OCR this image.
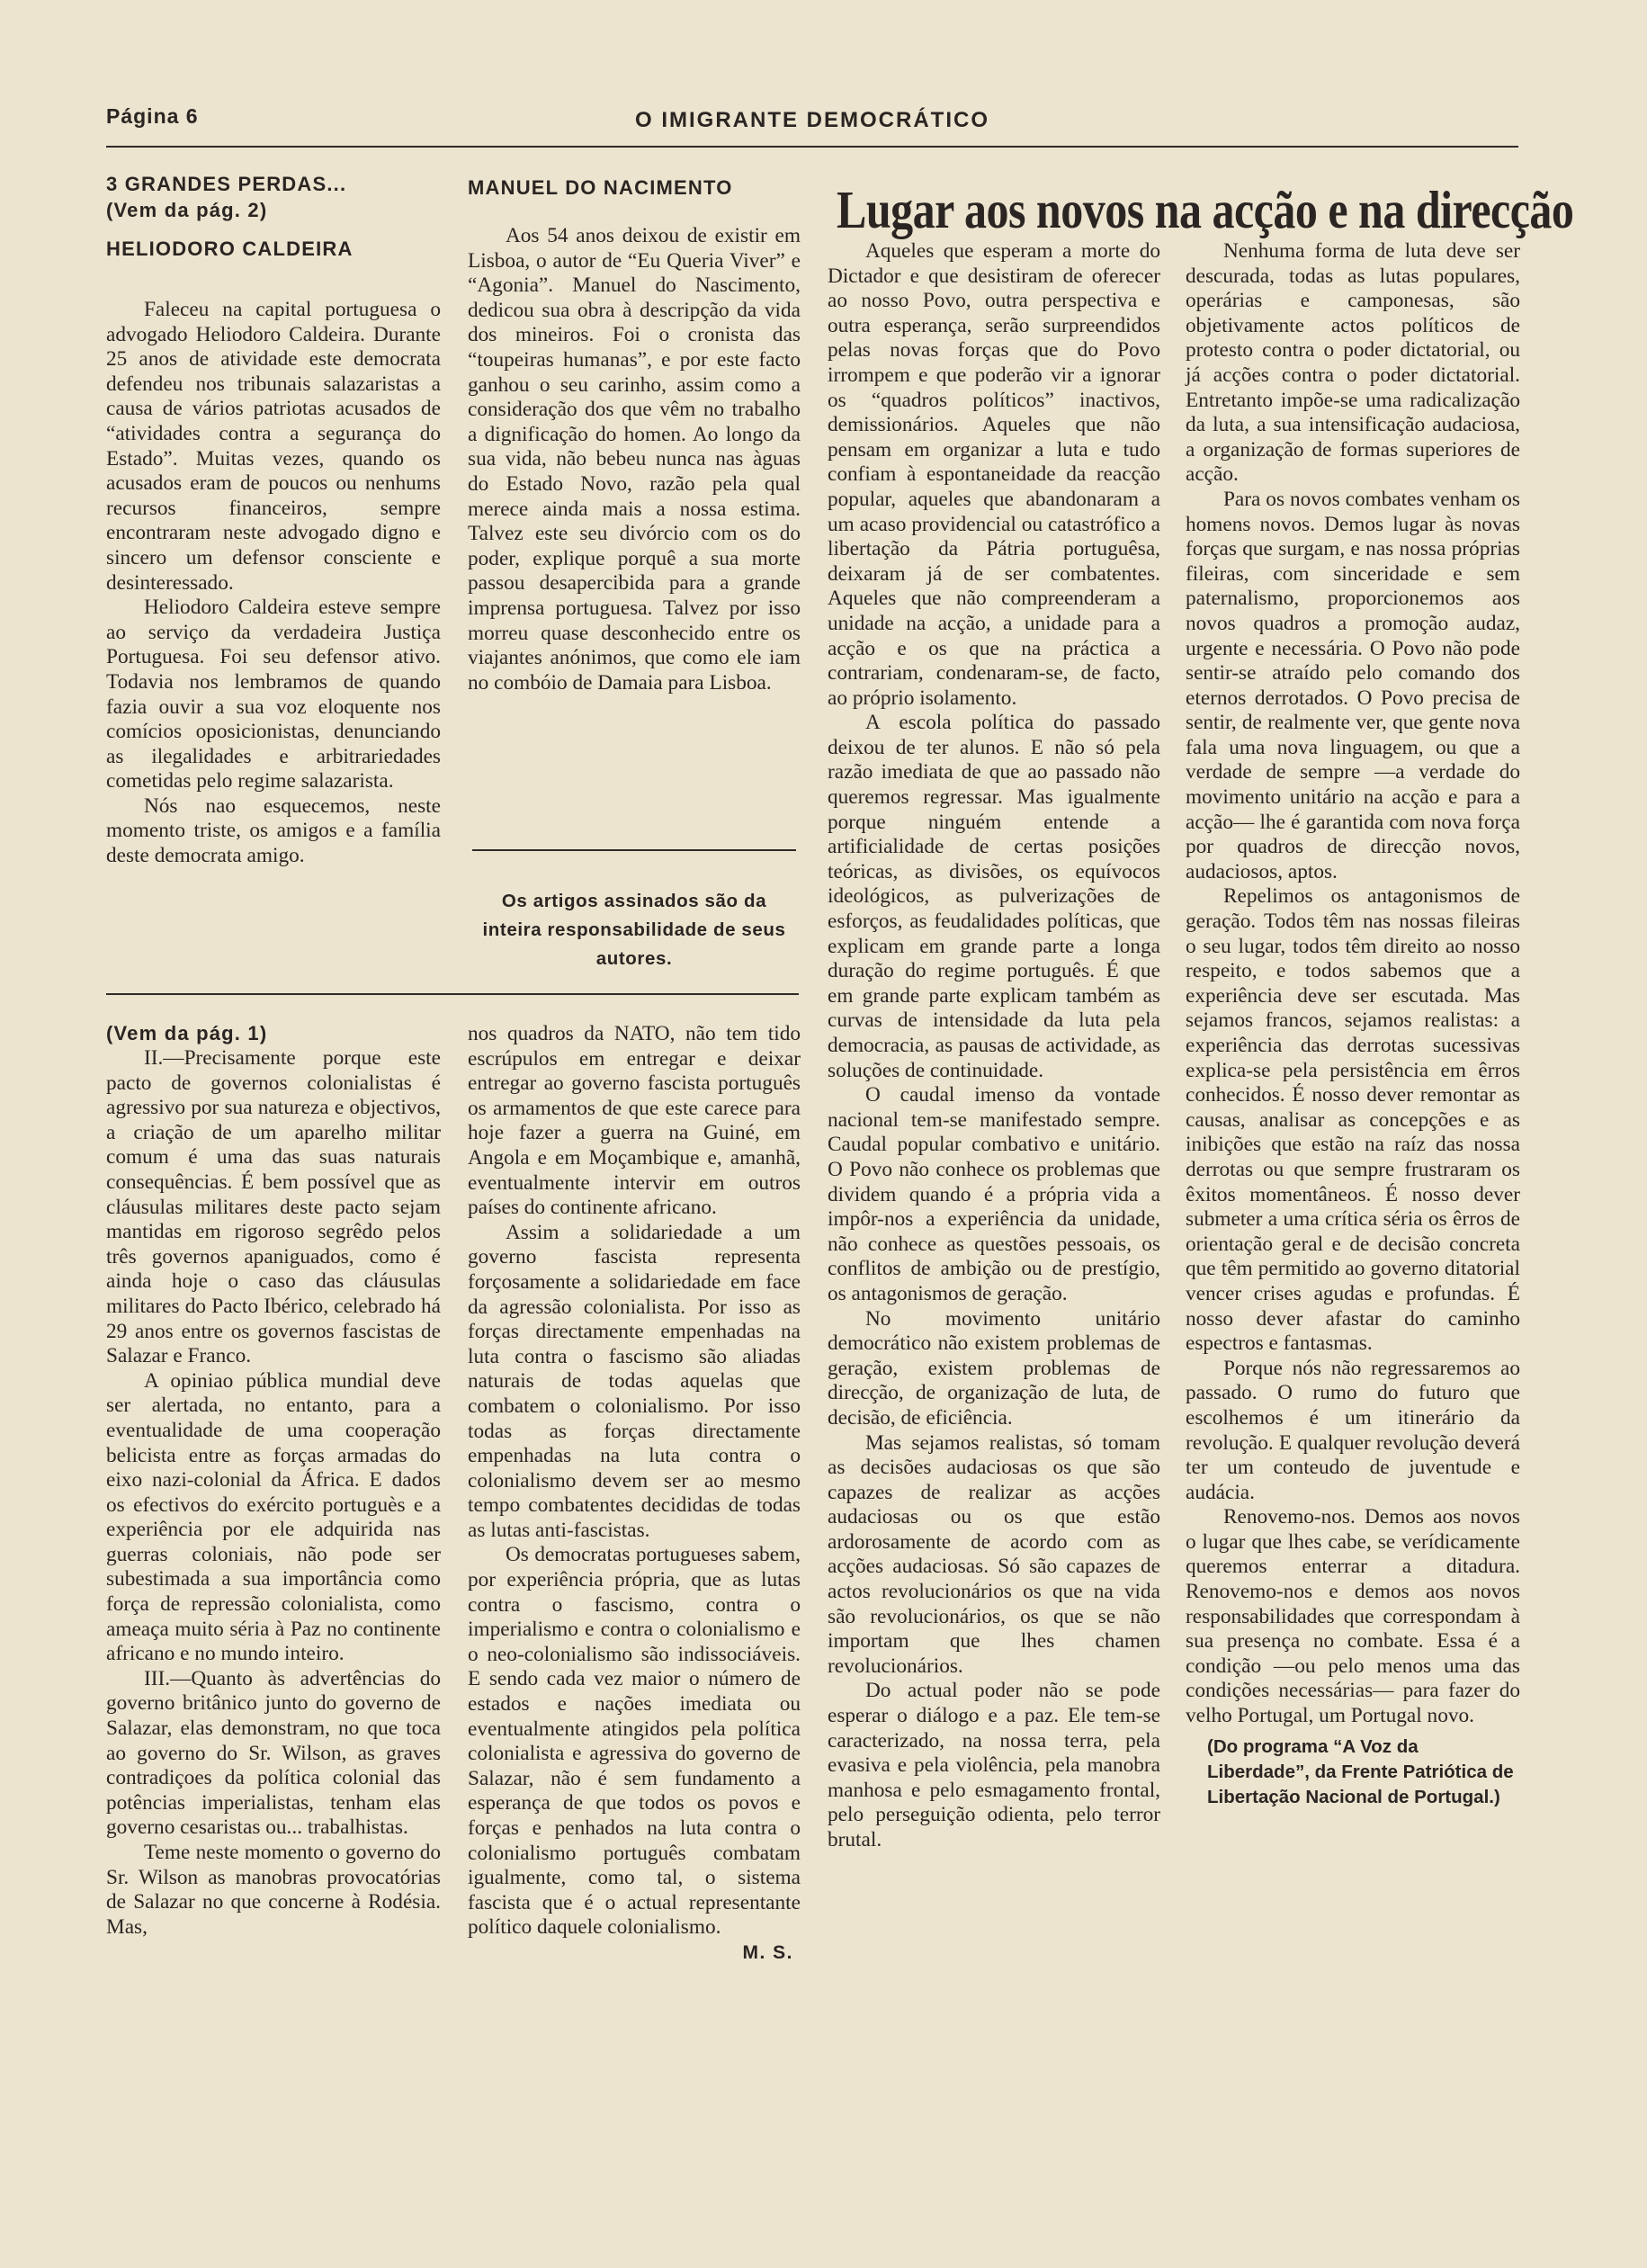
Página 6	O IMIGRANTE DEMOCRÁTICO
3 GRANDES PERDAS...
(Vem da pág. 2)
HELIODORO CALDEIRA

Faleceu na capital portuguesa o advogado Heliodoro Caldeira. Durante 25 anos de atividade este democrata defendeu nos tribunais salazaristas a causa de vários patriotas acusados de “atividades contra a segurança do Estado”. Muitas vezes, quando os acusados eram de poucos ou nenhums recursos financeiros, sempre encontraram neste advogado digno e sincero um defensor consciente e desinteressado.

Heliodoro Caldeira esteve sempre ao serviço da verdadeira Justiça Portuguesa. Foi seu defensor ativo. Todavia nos lembramos de quando fazia ouvir a sua voz eloquente nos comícios oposicionistas, denunciando as ilegalidades e arbitrariedades cometidas pelo regime salazarista.

Nós nao esquecemos, neste momento triste, os amigos e a família deste democrata amigo.

MANUEL DO NACIMENTO

Aos 54 anos deixou de existir em Lisboa, o autor de “Eu Queria Viver” e “Agonia”. Manuel do Nascimento, dedicou sua obra à descripção da vida dos mineiros. Foi o cronista das “toupeiras humanas”, e por este facto ganhou o seu carinho, assim como a consideração dos que vêm no trabalho a dignificação do homen. Ao longo da sua vida, não bebeu nunca nas àguas do Estado Novo, razão pela qual merece ainda mais a nossa estima. Talvez este seu divórcio com os do poder, explique porquê a sua morte passou desapercibida para a grande imprensa portuguesa. Talvez por isso morreu quase desconhecido entre os viajantes anónimos, que como ele iam no combóio de Damaia para Lisboa.

Os artigos assinados são da inteira responsabilidade de seus autores.
(Vem da pág. 1)

II.—Precisamente porque este pacto de governos colonialistas é agressivo por sua natureza e objectivos, a criação de um aparelho militar comum é uma das suas naturais consequências. É bem possível que as cláusulas militares deste pacto sejam mantidas em rigoroso segrêdo pelos três governos apaniguados, como é ainda hoje o caso das cláusulas militares do Pacto Ibérico, celebrado há 29 anos entre os governos fascistas de Salazar e Franco.

A opiniao pública mundial deve ser alertada, no entanto, para a eventualidade de uma cooperação belicista entre as forças armadas do eixo nazi-colonial da África. E dados os efectivos do exército portuguès e a experiência por ele adquirida nas guerras coloniais, não pode ser subestimada a sua importância como força de repressão colonialista, como ameaça muito séria à Paz no continente africano e no mundo inteiro.

III.—Quanto às advertências do governo britânico junto do governo de Salazar, elas demonstram, no que toca ao governo do Sr. Wilson, as graves contradiçoes da política colonial das potências imperialistas, tenham elas governo cesaristas ou... trabalhistas.

Teme neste momento o governo do Sr. Wilson as manobras provocatórias de Salazar no que concerne à Rodésia. Mas,

nos quadros da NATO, não tem tido escrúpulos em entregar e deixar entregar ao governo fascista português os armamentos de que este carece para hoje fazer a guerra na Guiné, em Angola e em Moçambique e, amanhã, eventualmente intervir em outros países do continente africano.

Assim a solidariedade a um governo fascista representa forçosamente a solidariedade em face da agressão colonialista. Por isso as forças directamente empenhadas na luta contra o fascismo são aliadas naturais de todas aquelas que combatem o colonialismo. Por isso todas as forças directamente empenhadas na luta contra o colonialismo devem ser ao mesmo tempo combatentes decididas de todas as lutas anti-fascistas.

Os democratas portugueses sabem, por experiência própria, que as lutas contra o fascismo, contra o imperialismo e contra o colonialismo e o neo-colonialismo são indissociáveis. E sendo cada vez maior o número de estados e nações imediata ou eventualmente atingidos pela política colonialista e agressiva do governo de Salazar, não é sem fundamento a esperança de que todos os povos e forças e penhados na luta contra o colonialismo português combatam igualmente, como tal, o sistema fascista que é o actual representante político daquele colonialismo.

M. S.
Lugar aos novos na acção e na direcção

Aqueles que esperam a morte do Dictador e que desistiram de oferecer ao nosso Povo, outra perspectiva e outra esperança, serão surpreendidos pelas novas forças que do Povo irrompem e que poderão vir a ignorar os “quadros políticos” inactivos, demissionários. Aqueles que não pensam em organizar a luta e tudo confiam à espontaneidade da reacção popular, aqueles que abandonaram a um acaso providencial ou catastrófico a libertação da Pátria portuguêsa, deixaram já de ser combatentes. Aqueles que não compreenderam a unidade na acção, a unidade para a acção e os que na práctica a contrariam, condenaram-se, de facto, ao próprio isolamento.

A escola política do passado deixou de ter alunos. E não só pela razão imediata de que ao passado não queremos regressar. Mas igualmente porque ninguém entende a artificialidade de certas posições teóricas, as divisões, os equívocos ideológicos, as pulverizações de esforços, as feudalidades políticas, que explicam em grande parte a longa duração do regime português. É que em grande parte explicam também as curvas de intensidade da luta pela democracia, as pausas de actividade, as soluções de continuidade.

O caudal imenso da vontade nacional tem-se manifestado sempre. Caudal popular combativo e unitário. O Povo não conhece os problemas que dividem quando é a própria vida a impôr-nos a experiência da unidade, não conhece as questões pessoais, os conflitos de ambição ou de prestígio, os antagonismos de geração.

No movimento unitário democrático não existem problemas de geração, existem problemas de direcção, de organização de luta, de decisão, de eficiência.

Mas sejamos realistas, só tomam as decisões audaciosas os que são capazes de realizar as acções audaciosas ou os que estão ardorosamente de acordo com as acções audaciosas. Só são capazes de actos revolucionários os que na vida são revolucionários, os que se não importam que lhes chamen revolucionários.

Do actual poder não se pode esperar o diálogo e a paz. Ele tem-se caracterizado, na nossa terra, pela evasiva e pela violência, pela manobra manhosa e pelo esmagamento frontal, pelo perseguição odienta, pelo terror brutal.

Nenhuma forma de luta deve ser descurada, todas as lutas populares, operárias e camponesas, são objetivamente actos políticos de protesto contra o poder dictatorial, ou já acções contra o poder dictatorial. Entretanto impõe-se uma radicalização da luta, a sua intensificação audaciosa, a organização de formas superiores de acção.

Para os novos combates venham os homens novos. Demos lugar às novas forças que surgam, e nas nossa próprias fileiras, com sinceridade e sem paternalismo, proporcionemos aos novos quadros a promoção audaz, urgente e necessária. O Povo não pode sentir-se atraído pelo comando dos eternos derrotados. O Povo precisa de sentir, de realmente ver, que gente nova fala uma nova linguagem, ou que a verdade de sempre —a verdade do movimento unitário na acção e para a acção— lhe é garantida com nova força por quadros de direcção novos, audaciosos, aptos.

Repelimos os antagonismos de geração. Todos têm nas nossas fileiras o seu lugar, todos têm direito ao nosso respeito, e todos sabemos que a experiência deve ser escutada. Mas sejamos francos, sejamos realistas: a experiência das derrotas sucessivas explica-se pela persistência em êrros conhecidos. É nosso dever remontar as causas, analisar as concepções e as inibições que estão na raíz das nossa derrotas ou que sempre frustraram os êxitos momentâneos. É nosso dever submeter a uma crítica séria os êrros de orientação geral e de decisão concreta que têm permitido ao governo ditatorial vencer crises agudas e profundas. É nosso dever afastar do caminho espectros e fantasmas.

Porque nós não regressaremos ao passado. O rumo do futuro que escolhemos é um itinerário da revolução. E qualquer revolução deverá ter um conteudo de juventude e audácia.

Renovemo-nos. Demos aos novos o lugar que lhes cabe, se verídicamente queremos enterrar a ditadura. Renovemo-nos e demos aos novos responsabilidades que correspondam à sua presença no combate. Essa é a condição —ou pelo menos uma das condições necessárias— para fazer do velho Portugal, um Portugal novo.

(Do programa “A Voz da Liberdade”, da Frente Patriótica de Libertação Nacional de Portugal.)
